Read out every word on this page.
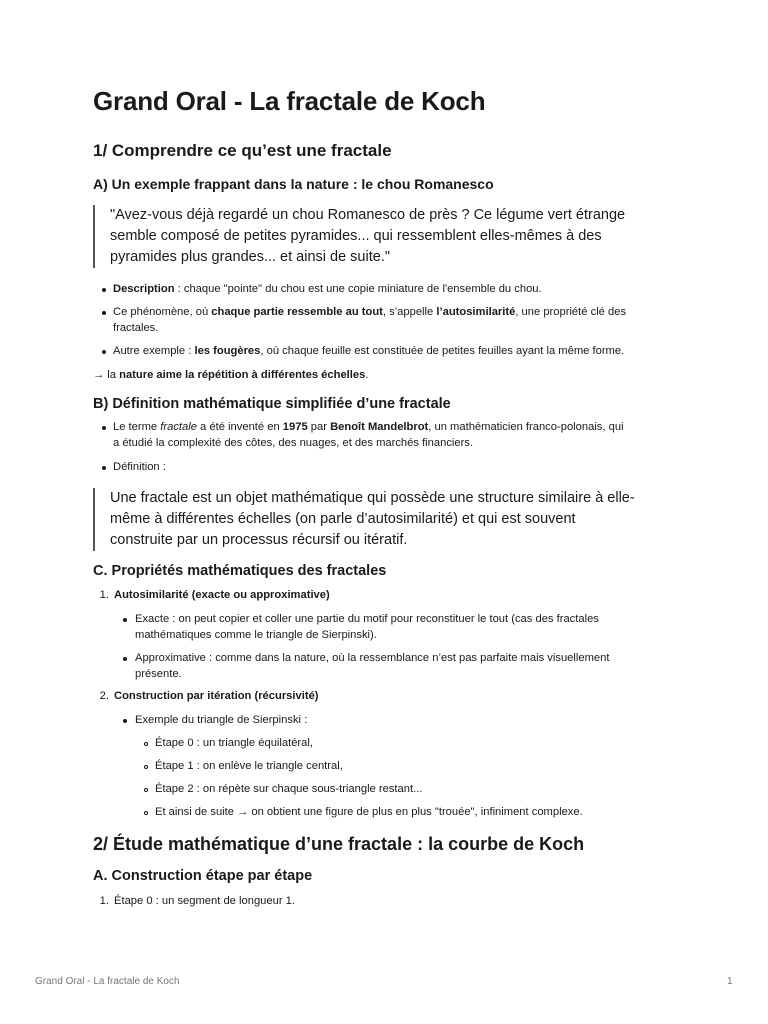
Grand Oral - La fractale de Koch
1/ Comprendre ce qu’est une fractale
A) Un exemple frappant dans la nature : le chou Romanesco
"Avez-vous déjà regardé un chou Romanesco de près ? Ce légume vert étrange
semble composé de petites pyramides... qui ressemblent elles-mêmes à des
pyramides plus grandes... et ainsi de suite."
Description : chaque "pointe" du chou est une copie miniature de l'ensemble du chou.
Ce phénomène, où chaque partie ressemble au tout, s’appelle l’autosimilarité, une propriété clé des
fractales.
Autre exemple : les fougères, où chaque feuille est constituée de petites feuilles ayant la même forme.
→ la nature aime la répétition à différentes échelles.
B) Définition mathématique simplifiée d’une fractale
Le terme fractale a été inventé en 1975 par Benoît Mandelbrot, un mathématicien franco-polonais, qui
a étudié la complexité des côtes, des nuages, et des marchés financiers.
Définition :
Une fractale est un objet mathématique qui possède une structure similaire à elle-
même à différentes échelles (on parle d’autosimilarité) et qui est souvent
construite par un processus récursif ou itératif.
C. Propriétés mathématiques des fractales
1. Autosimilarité (exacte ou approximative)
Exacte : on peut copier et coller une partie du motif pour reconstituer le tout (cas des fractales
mathématiques comme le triangle de Sierpinski).
Approximative : comme dans la nature, où la ressemblance n’est pas parfaite mais visuellement
présente.
2. Construction par itération (récursivité)
Exemple du triangle de Sierpinski :
Étape 0 : un triangle équilatéral,
Étape 1 : on enlève le triangle central,
Étape 2 : on répète sur chaque sous-triangle restant...
Et ainsi de suite → on obtient une figure de plus en plus "trouée", infiniment complexe.
2/ Étude mathématique d’une fractale : la courbe de Koch
A. Construction étape par étape
1. Étape 0 : un segment de longueur 1.
Grand Oral - La fractale de Koch	1
